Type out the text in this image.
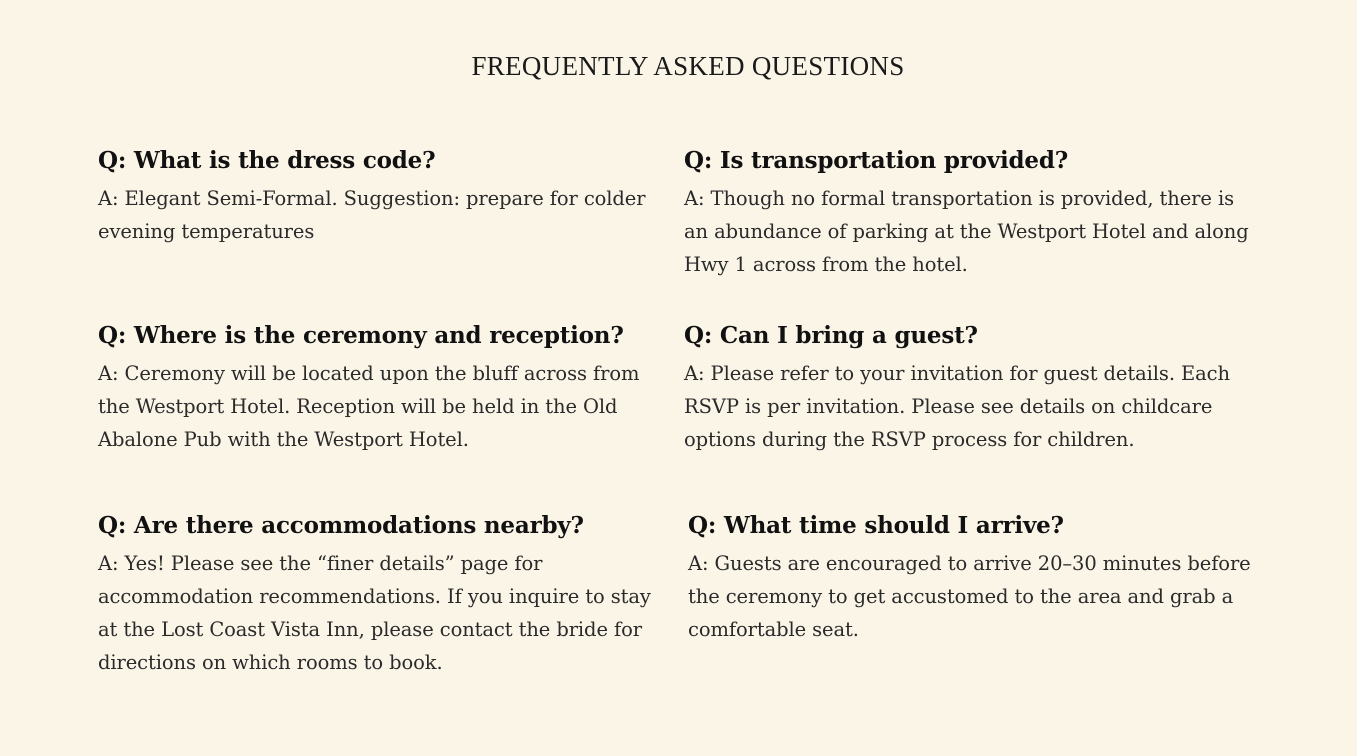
FREQUENTLY ASKED QUESTIONS
Q: What is the dress code?

A: Elegant Semi-Formal. Suggestion: prepare for colder evening temperatures

Q: Is transportation provided?

A: Though no formal transportation is provided, there is an abundance of parking at the Westport Hotel and along Hwy 1 across from the hotel.

Q: Where is the ceremony and reception?

A: Ceremony will be located upon the bluff across from the Westport Hotel. Reception will be held in the Old Abalone Pub with the Westport Hotel.

Q: Can I bring a guest?

A: Please refer to your invitation for guest details. Each RSVP is per invitation. Please see details on childcare options during the RSVP process for children.

Q: Are there accommodations nearby?

A: Yes! Please see the “finer details” page for accommodation recommendations. If you inquire to stay at the Lost Coast Vista Inn, please contact the bride for directions on which rooms to book.

Q: What time should I arrive?

A: Guests are encouraged to arrive 20–30 minutes before the ceremony to get accustomed to the area and grab a comfortable seat.
